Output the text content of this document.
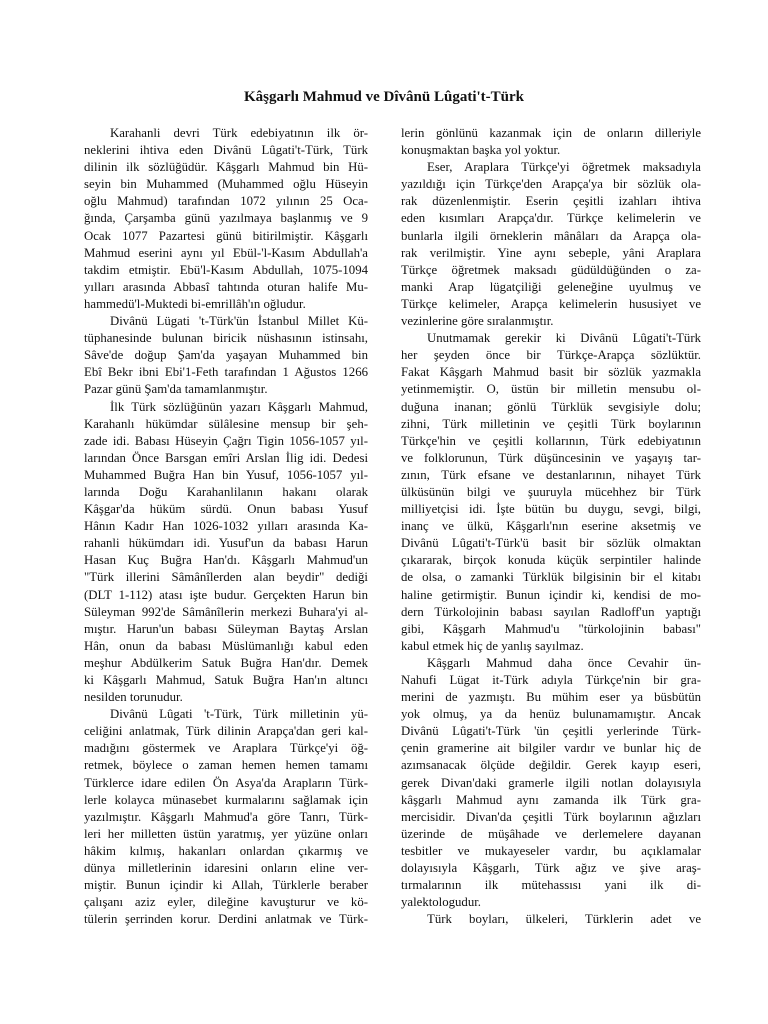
Kâşgarlı Mahmud ve Dîvânü Lûgati't-Türk
Karahanli devri Türk edebiyatının ilk ör-
neklerini ihtiva eden Divânü Lûgati't-Türk, Türk
dilinin ilk sözlüğüdür. Kâşgarlı Mahmud bin Hü-
seyin bin Muhammed (Muhammed oğlu Hüseyin
oğlu Mahmud) tarafından 1072 yılının 25 Oca-
ğında, Çarşamba günü yazılmaya başlanmış ve 9
Ocak 1077 Pazartesi günü bitirilmiştir. Kâşgarlı
Mahmud eserini aynı yıl Ebül-'l-Kasım Abdullah'a
takdim etmiştir. Ebü'l-Kasım Abdullah, 1075-1094
yılları arasında Abbasî tahtında oturan halife Mu-
hammedü'l-Muktedi bi-emrillâh'ın oğludur.
Divânü Lügati 't-Türk'ün İstanbul Millet Kü-
tüphanesinde bulunan biricik nüshasının istinsahı,
Sâve'de doğup Şam'da yaşayan Muhammed bin
Ebî Bekr ibni Ebi'1-Feth tarafından 1 Ağustos 1266
Pazar günü Şam'da tamamlanmıştır.
İlk Türk sözlüğünün yazarı Kâşgarlı Mahmud,
Karahanlı hükümdar sülâlesine mensup bir şeh-
zade idi. Babası Hüseyin Çağrı Tigin 1056-1057 yıl-
larından Önce Barsgan emîri Arslan İlig idi. Dedesi
Muhammed Buğra Han bin Yusuf, 1056-1057 yıl-
larında Doğu Karahanlilanın hakanı olarak
Kâşgar'da hüküm sürdü. Onun babası Yusuf
Hânın Kadır Han 1026-1032 yılları arasında Ka-
rahanli hükümdarı idi. Yusuf'un da babası Harun
Hasan Kuç Buğra Han'dı. Kâşgarlı Mahmud'un
"Türk illerini Sâmânîlerden alan beydir" dediği
(DLT 1-112) atası işte budur. Gerçekten Harun bin
Süleyman 992'de Sâmânîlerin merkezi Buhara'yi al-
mıştır. Harun'un babası Süleyman Baytaş Arslan
Hân, onun da babası Müslümanlığı kabul eden
meşhur Abdülkerim Satuk Buğra Han'dır. Demek
ki Kâşgarlı Mahmud, Satuk Buğra Han'ın altıncı
nesilden torunudur.
Divânü Lûgati 't-Türk, Türk milletinin yü-
celiğini anlatmak, Türk dilinin Arapça'dan geri kal-
madığını göstermek ve Araplara Türkçe'yi öğ-
retmek, böylece o zaman hemen hemen tamamı
Türklerce idare edilen Ön Asya'da Arapların Türk-
lerle kolayca münasebet kurmalarını sağlamak için
yazılmıştır. Kâşgarlı Mahmud'a göre Tanrı, Türk-
leri her milletten üstün yaratmış, yer yüzüne onları
hâkim kılmış, hakanları onlardan çıkarmış ve
dünya milletlerinin idaresini onların eline ver-
miştir. Bunun içindir ki Allah, Türklerle beraber
çalışanı aziz eyler, dileğine kavuşturur ve kö-
tülerin şerrinden korur. Derdini anlatmak ve Türk-
lerin gönlünü kazanmak için de onların dilleriyle
konuşmaktan başka yol yoktur.
Eser, Araplara Türkçe'yi öğretmek maksadıyla
yazıldığı için Türkçe'den Arapça'ya bir sözlük ola-
rak düzenlenmiştir. Eserin çeşitli izahları ihtiva
eden kısımları Arapça'dır. Türkçe kelimelerin ve
bunlarla ilgili örneklerin mânâları da Arapça ola-
rak verilmiştir. Yine aynı sebeple, yâni Araplara
Türkçe öğretmek maksadı güdüldüğünden o za-
manki Arap lügatçiliği geleneğine uyulmuş ve
Türkçe kelimeler, Arapça kelimelerin hususiyet ve
vezinlerine göre sıralanmıştır.
Unutmamak gerekir ki Divânü Lûgati't-Türk
her şeyden önce bir Türkçe-Arapça sözlüktür.
Fakat Kâşgarh Mahmud basit bir sözlük yazmakla
yetinmemiştir. O, üstün bir milletin mensubu ol-
duğuna inanan; gönlü Türklük sevgisiyle dolu;
zihni, Türk milletinin ve çeşitli Türk boylarının
Türkçe'hin ve çeşitli kollarının, Türk edebiyatının
ve folklorunun, Türk düşüncesinin ve yaşayış tar-
zının, Türk efsane ve destanlarının, nihayet Türk
ülküsünün bilgi ve şuuruyla mücehhez bir Türk
milliyetçisi idi. İşte bütün bu duygu, sevgi, bilgi,
inanç ve ülkü, Kâşgarlı'nın eserine aksetmiş ve
Divânü Lûgati't-Türk'ü basit bir sözlük olmaktan
çıkararak, birçok konuda küçük serpintiler halinde
de olsa, o zamanki Türklük bilgisinin bir el kitabı
haline getirmiştir. Bunun içindir ki, kendisi de mo-
dern Türkolojinin babası sayılan Radloff'un yaptığı
gibi, Kâşgarh Mahmud'u "türkolojinin babası"
kabul etmek hiç de yanlış sayılmaz.
Kâşgarlı Mahmud daha önce Cevahir ün-
Nahufi Lügat it-Türk adıyla Türkçe'nin bir gra-
merini de yazmıştı. Bu mühim eser ya büsbütün
yok olmuş, ya da henüz bulunamamıştır. Ancak
Divânü Lûgati't-Türk 'ün çeşitli yerlerinde Türk-
çenin gramerine ait bilgiler vardır ve bunlar hiç de
azımsanacak ölçüde değildir. Gerek kayıp eseri,
gerek Divan'daki gramerle ilgili notlan dolayısıyla
kâşgarlı Mahmud aynı zamanda ilk Türk gra-
mercisidir. Divan'da çeşitli Türk boylarının ağızları
üzerinde de müşâhade ve derlemelere dayanan
tesbitler ve mukayeseler vardır, bu açıklamalar
dolayısıyla Kâşgarlı, Türk ağız ve şive araş-
tırmalarının ilk mütehassısı yani ilk di-
yalektologudur.
Türk boyları, ülkeleri, Türklerin adet ve
